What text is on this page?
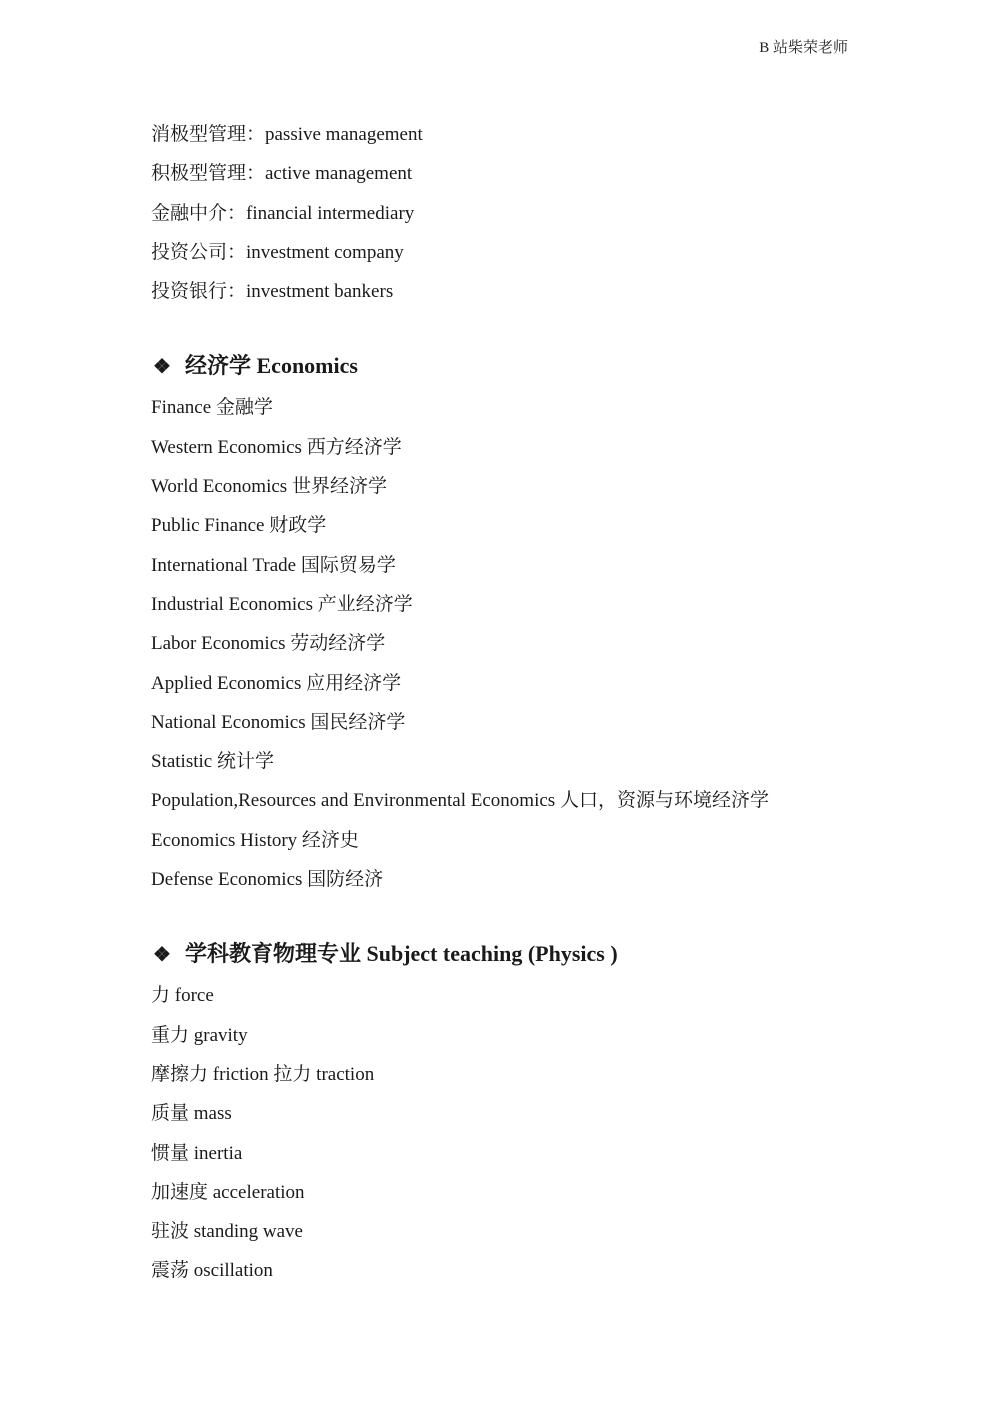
B 站柴荣老师
消极型管理：passive management
积极型管理：active management
金融中介：financial intermediary
投资公司：investment company
投资银行：investment bankers
❖ 经济学 Economics
Finance 金融学
Western Economics 西方经济学
World Economics 世界经济学
Public Finance 财政学
International Trade 国际贸易学
Industrial Economics 产业经济学
Labor Economics 劳动经济学
Applied Economics 应用经济学
National Economics 国民经济学
Statistic 统计学
Population,Resources and Environmental Economics 人口，资源与环境经济学
Economics History 经济史
Defense Economics 国防经济
❖ 学科教育物理专业 Subject teaching (Physics )
力 force
重力 gravity
摩擦力 friction 拉力 traction
质量 mass
惯量 inertia
加速度 acceleration
驻波 standing wave
震荡 oscillation
